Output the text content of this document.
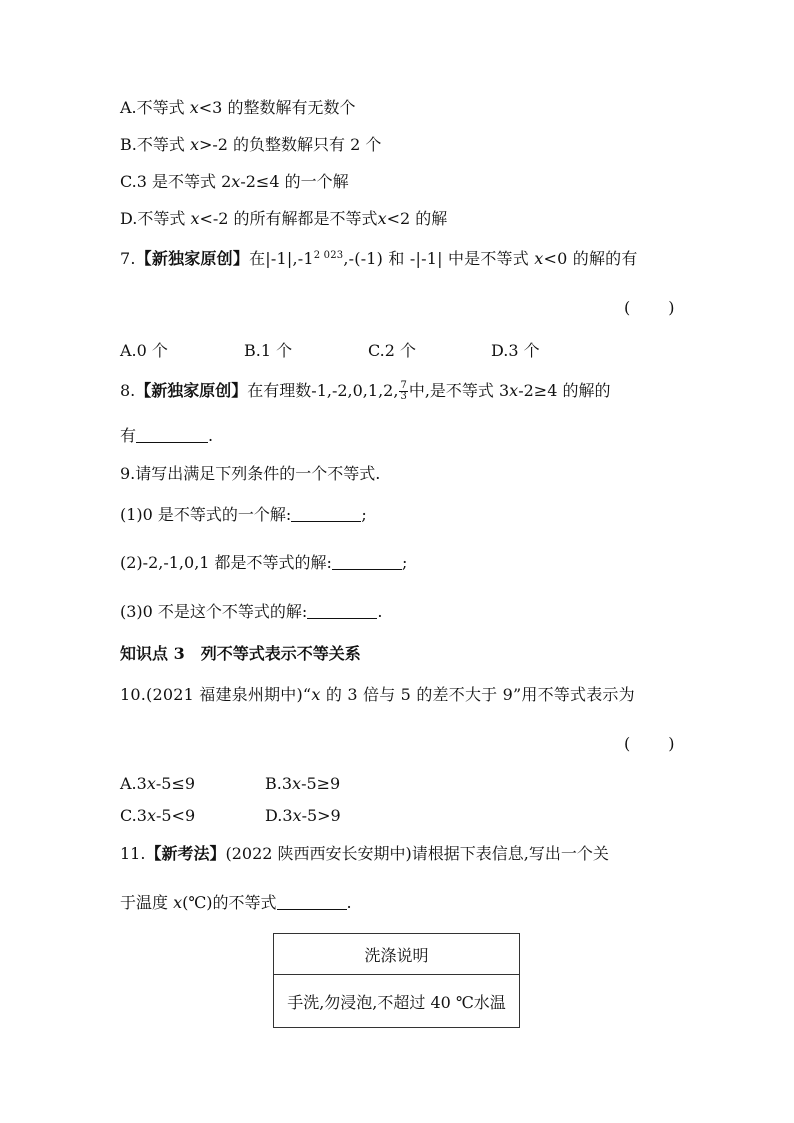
A.不等式 x<3 的整数解有无数个
B.不等式 x>-2 的负整数解只有 2 个
C.3 是不等式 2x-2≤4 的一个解
D.不等式 x<-2 的所有解都是不等式x<2 的解
7.【新独家原创】在$|-1|,-1^{2 023},-(-1)$ 和 -|-1| 中是不等式 x<0 的解的有
( )
A.0 个	B.1 个	C.2 个	D.3 个
8.【新独家原创】在有理数-1,-2,0,1,2, $\frac{7}{3}$ 中,是不等式 3x-2≥4 的解的
有	.
9.请写出满足下列条件的一个不等式.
(1)0 是不等式的一个解:	;
(2)-2,-1,0,1 都是不等式的解:	;
(3)0 不是这个不等式的解:	.
知识点 3　列不等式表示不等关系
10.(2021 福建泉州期中)“x 的 3 倍与 5 的差不大于 9”用不等式表示为
( )
A.3x-5≤9	B.3x-5≥9
C.3x-5<9	D.3x-5>9
11.【新考法】(2022 陕西西安长安期中)请根据下表信息,写出一个关
于温度 x(℃)的不等式	.
洗涤说明
手洗,勿浸泡,不超过 40 ℃水温
